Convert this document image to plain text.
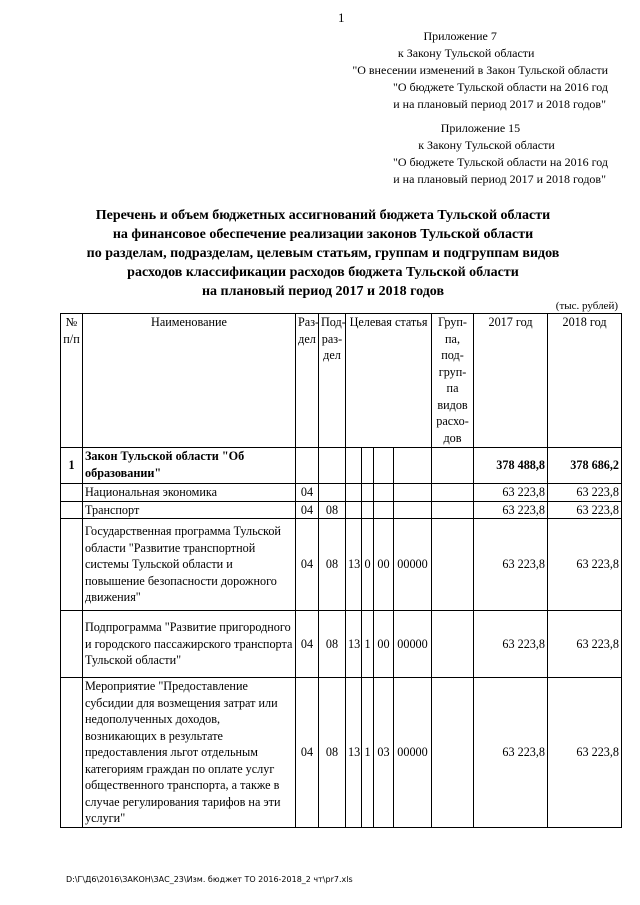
1
Приложение 7
к Закону Тульской области
"О внесении изменений в Закон Тульской области
"О бюджете Тульской области на 2016 год
и на плановый период 2017 и 2018 годов"
Приложение 15
к Закону Тульской области
"О бюджете Тульской области на 2016 год
и на плановый период 2017 и 2018 годов"
Перечень и объем бюджетных ассигнований бюджета Тульской области
на финансовое обеспечение реализации законов Тульской области
по разделам, подразделам, целевым статьям, группам и подгруппам видов
расходов классификации расходов бюджета Тульской области
на плановый период 2017 и 2018 годов
(тыс. рублей)
№ п/п	Наименование	Раз-дел	Под-раз-дел	Целевая статья				Груп-па, под-груп-па видов расхо-дов	2017 год	2018 год
1	Закон Тульской области "Об образовании"								378 488,8	378 686,2
	Национальная экономика	04							63 223,8	63 223,8
	Транспорт	04	08						63 223,8	63 223,8
	Государственная программа Тульской области "Развитие транспортной системы Тульской области и повышение безопасности дорожного движения"	04	08	13	0	00	00000		63 223,8	63 223,8
	Подпрограмма "Развитие пригородного и городского пассажирского транспорта Тульской области"	04	08	13	1	00	00000		63 223,8	63 223,8
	Мероприятие "Предоставление субсидии для возмещения затрат или недополученных доходов, возникающих в результате предоставления льгот отдельным категориям граждан по оплате услуг общественного транспорта, а также в случае регулирования тарифов на эти услуги"	04	08	13	1	03	00000		63 223,8	63 223,8
D:\Г\Д6\2016\ЗАКОН\ЗАС_23\Изм. бюджет ТО 2016-2018_2 чт\pr7.xls
